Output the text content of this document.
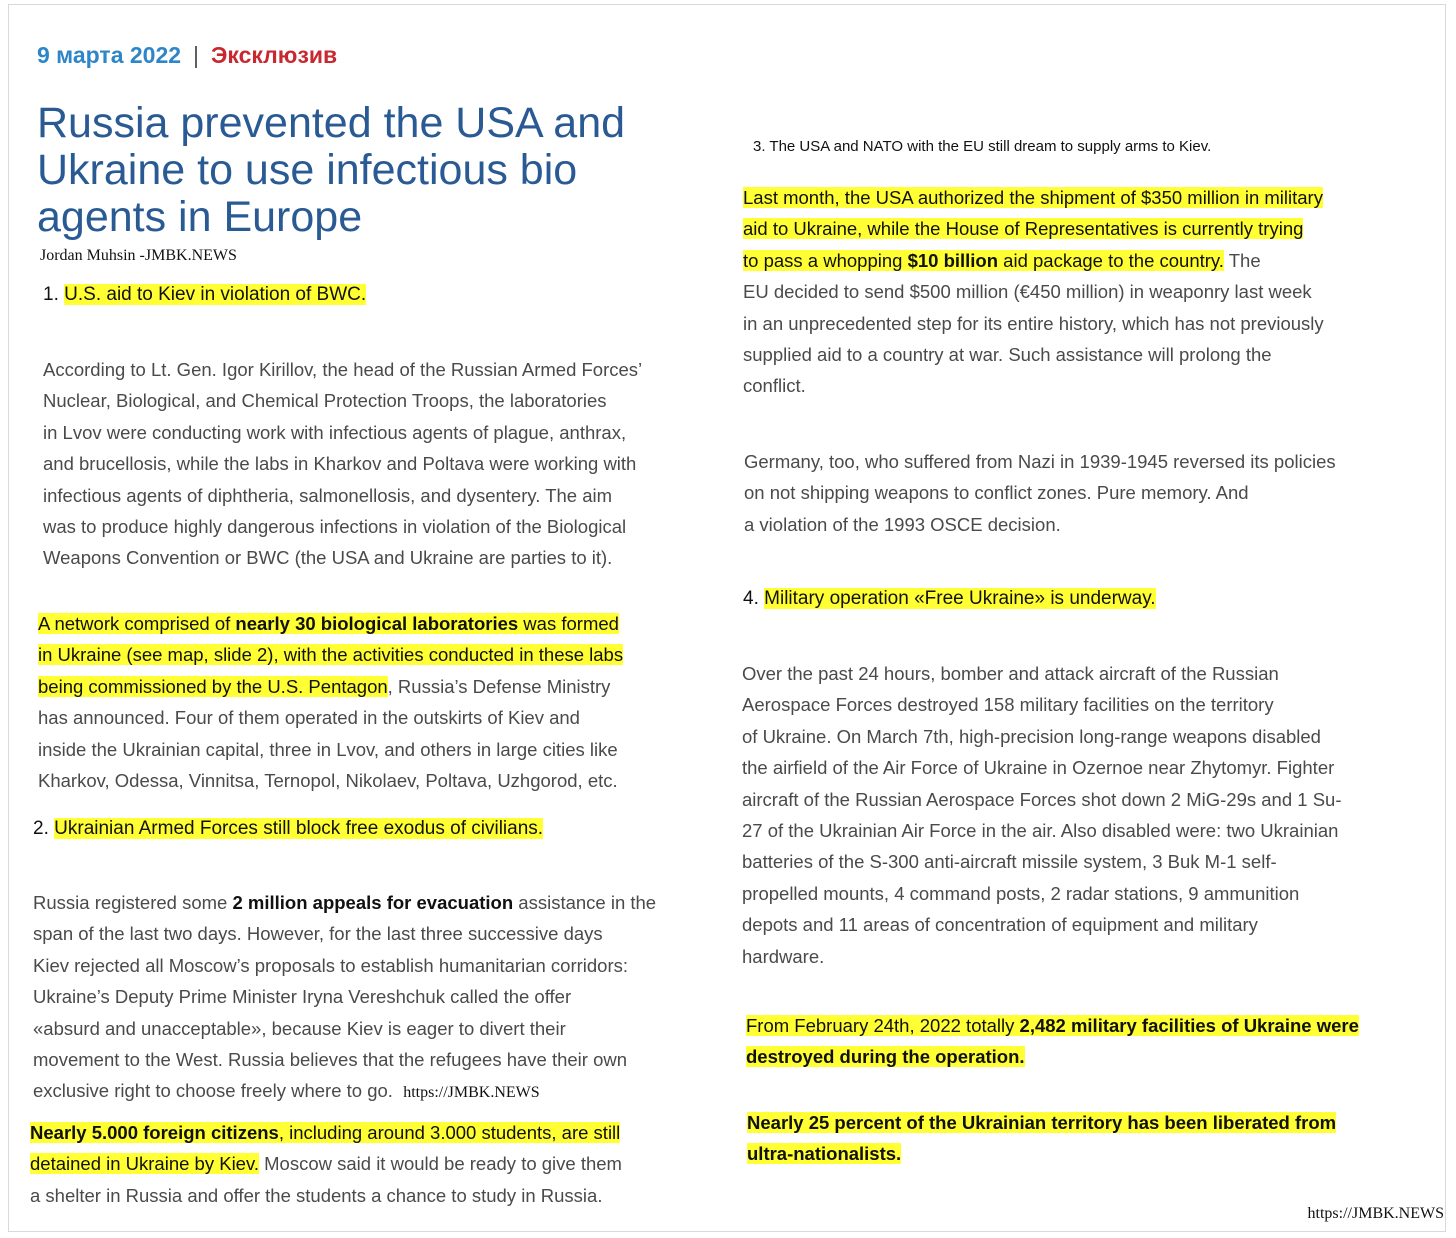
9 марта 2022 | Эксклюзив
Russia prevented the USA and Ukraine to use infectious bio agents in Europe
Jordan Muhsin -JMBK.NEWS
1. U.S. aid to Kiev in violation of BWC.

According to Lt. Gen. Igor Kirillov, the head of the Russian Armed Forces’
Nuclear, Biological, and Chemical Protection Troops, the laboratories
in Lvov were conducting work with infectious agents of plague, anthrax,
and brucellosis, while the labs in Kharkov and Poltava were working with
infectious agents of diphtheria, salmonellosis, and dysentery. The aim
was to produce highly dangerous infections in violation of the Biological
Weapons Convention or BWC (the USA and Ukraine are parties to it).

A network comprised of nearly 30 biological laboratories was formed
in Ukraine (see map, slide 2), with the activities conducted in these labs
being commissioned by the U.S. Pentagon, Russia’s Defense Ministry
has announced. Four of them operated in the outskirts of Kiev and
inside the Ukrainian capital, three in Lvov, and others in large cities like
Kharkov, Odessa, Vinnitsa, Ternopol, Nikolaev, Poltava, Uzhgorod, etc.

2. Ukrainian Armed Forces still block free exodus of civilians.

Russia registered some 2 million appeals for evacuation assistance in the
span of the last two days. However, for the last three successive days
Kiev rejected all Moscow’s proposals to establish humanitarian corridors:
Ukraine’s Deputy Prime Minister Iryna Vereshchuk called the offer
«absurd and unacceptable», because Kiev is eager to divert their
movement to the West. Russia believes that the refugees have their own
exclusive right to choose freely where to go. https://JMBK.NEWS

Nearly 5.000 foreign citizens, including around 3.000 students, are still
detained in Ukraine by Kiev. Moscow said it would be ready to give them
a shelter in Russia and offer the students a chance to study in Russia.

3. The USA and NATO with the EU still dream to supply arms to Kiev.

Last month, the USA authorized the shipment of $350 million in military
aid to Ukraine, while the House of Representatives is currently trying
to pass a whopping $10 billion aid package to the country. The
EU decided to send $500 million (€450 million) in weaponry last week
in an unprecedented step for its entire history, which has not previously
supplied aid to a country at war. Such assistance will prolong the
conflict.

Germany, too, who suffered from Nazi in 1939-1945 reversed its policies
on not shipping weapons to conflict zones. Pure memory. And
a violation of the 1993 OSCE decision.

4. Military operation «Free Ukraine» is underway.

Over the past 24 hours, bomber and attack aircraft of the Russian
Aerospace Forces destroyed 158 military facilities on the territory
of Ukraine. On March 7th, high-precision long-range weapons disabled
the airfield of the Air Force of Ukraine in Ozernoe near Zhytomyr. Fighter
aircraft of the Russian Aerospace Forces shot down 2 MiG-29s and 1 Su-
27 of the Ukrainian Air Force in the air. Also disabled were: two Ukrainian
batteries of the S-300 anti-aircraft missile system, 3 Buk M-1 self-
propelled mounts, 4 command posts, 2 radar stations, 9 ammunition
depots and 11 areas of concentration of equipment and military
hardware.

From February 24th, 2022 totally 2,482 military facilities of Ukraine were
destroyed during the operation.

Nearly 25 percent of the Ukrainian territory has been liberated from
ultra-nationalists.

https://JMBK.NEWS
